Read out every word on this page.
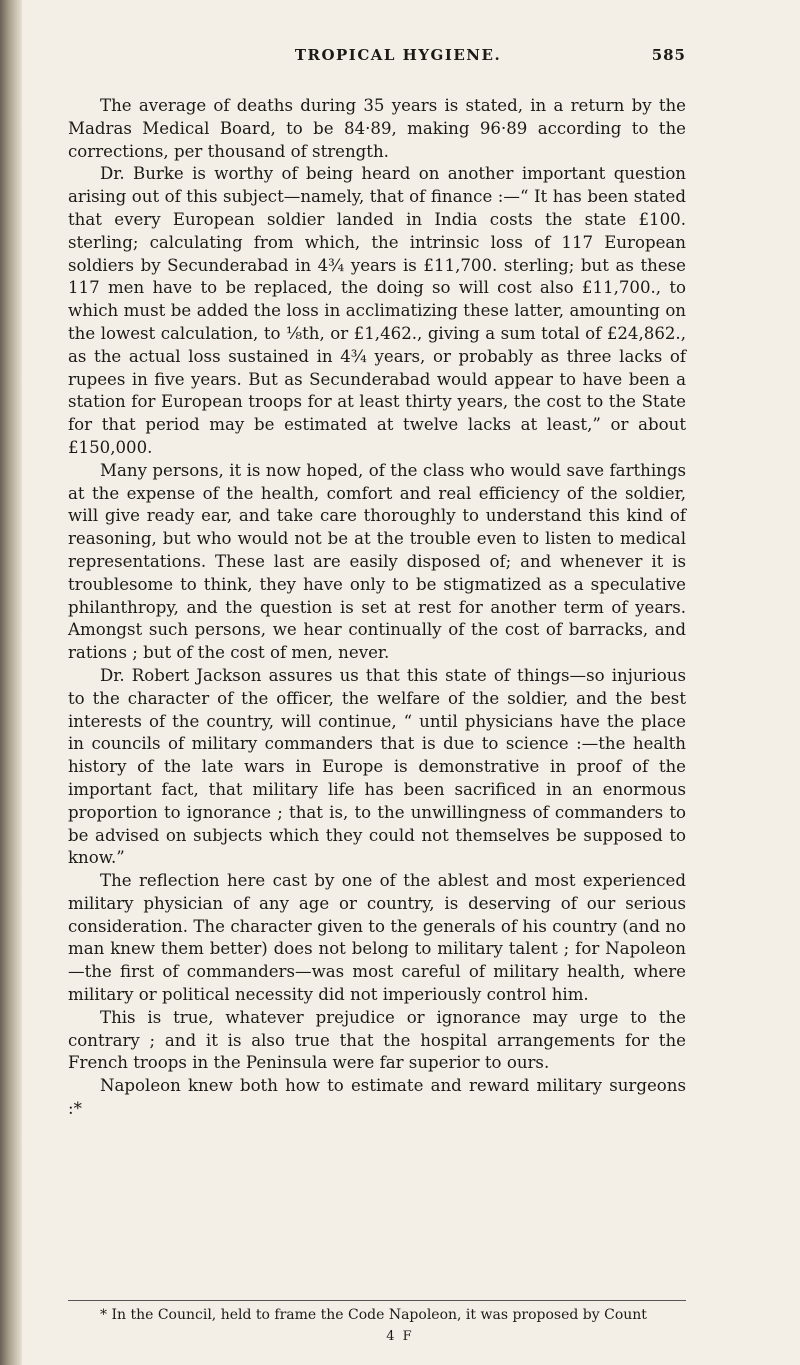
TROPICAL HYGIENE.	585

The average of deaths during 35 years is stated, in a return by the Madras Medical Board, to be 84·89, making 96·89 according to the corrections, per thousand of strength.

Dr. Burke is worthy of being heard on another important question arising out of this subject—namely, that of finance :—“ It has been stated that every European soldier landed in India costs the state £100. sterling; calculating from which, the intrinsic loss of 117 European soldiers by Secunderabad in 4¾ years is £11,700. sterling; but as these 117 men have to be replaced, the doing so will cost also £11,700., to which must be added the loss in acclimatizing these latter, amounting on the lowest calculation, to ⅛th, or £1,462., giving a sum total of £24,862., as the actual loss sustained in 4¾ years, or probably as three lacks of rupees in five years. But as Secunderabad would appear to have been a station for European troops for at least thirty years, the cost to the State for that period may be estimated at twelve lacks at least,” or about £150,000.

Many persons, it is now hoped, of the class who would save farthings at the expense of the health, comfort and real efficiency of the soldier, will give ready ear, and take care thoroughly to understand this kind of reasoning, but who would not be at the trouble even to listen to medical representations. These last are easily disposed of; and whenever it is troublesome to think, they have only to be stigmatized as a speculative philanthropy, and the question is set at rest for another term of years. Amongst such persons, we hear continually of the cost of barracks, and rations ; but of the cost of men, never.

Dr. Robert Jackson assures us that this state of things—so injurious to the character of the officer, the welfare of the soldier, and the best interests of the country, will continue, “ until physicians have the place in councils of military commanders that is due to science :—the health history of the late wars in Europe is demonstrative in proof of the important fact, that military life has been sacrificed in an enormous proportion to ignorance ; that is, to the unwillingness of commanders to be advised on subjects which they could not themselves be supposed to know.”

The reflection here cast by one of the ablest and most experienced military physician of any age or country, is deserving of our serious consideration. The character given to the generals of his country (and no man knew them better) does not belong to military talent ; for Napoleon—the first of commanders—was most careful of military health, where military or political necessity did not imperiously control him.

This is true, whatever prejudice or ignorance may urge to the contrary ; and it is also true that the hospital arrangements for the French troops in the Peninsula were far superior to ours.

Napoleon knew both how to estimate and reward military surgeons :*

* In the Council, held to frame the Code Napoleon, it was proposed by Count

4 F
